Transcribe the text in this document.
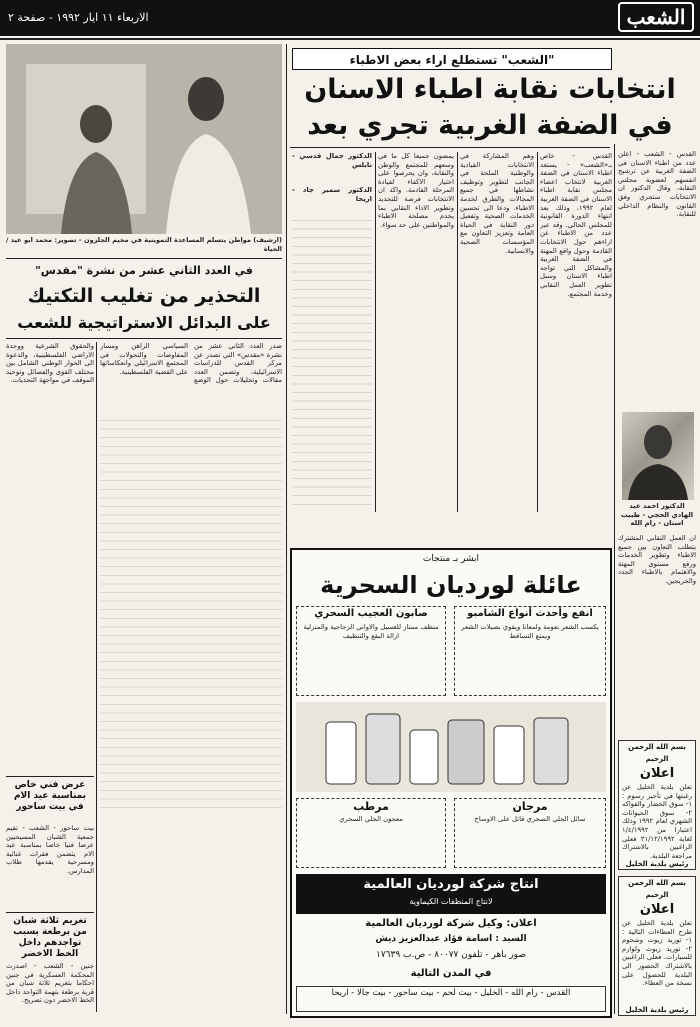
الشعب
الاربعاء ١١ ايار ١٩٩٢ - صفحة ٢
"الشعب" تستطلع اراء بعض الاطباء
انتخابات نقابة اطباء الاسنان
في الضفة الغربية تجري بعد
القدس - الشعب - اعلن عدد من اطباء الاسنان في الضفة الغربية عن ترشيح انفسهم لعضوية مجلس النقابة، وقال الدكتور ان الانتخابات ستجري وفق القانون والنظام الداخلي للنقابة.
الدكتور احمد عبد الهادي الحجي - طبيب اسنان - رام الله
ان العمل النقابي المشترك يتطلب التعاون بين جميع الاطباء وتطوير الخدمات ورفع مستوى المهنة والاهتمام بالاطباء الجدد والخريجين.
القدس - خاص بـ«الشعب» - يستعد اطباء الاسنان في الضفة الغربية لانتخاب اعضاء مجلس نقابة اطباء الاسنان في الضفة الغربية لعام ١٩٩٢، وذلك بعد انتهاء الدورة القانونية للمجلس الحالي. وقد عبر عدد من الاطباء عن اراءهم حول الانتخابات القادمة وحول واقع المهنة في الضفة الغربية والمشاكل التي تواجه اطباء الاسنان وسبل تطوير العمل النقابي وخدمة المجتمع.
وهم المشاركة في الانتخابات القيادية والوطنية الملحة في الجانب لتطوير وتوظيف نشاطها في جميع المجالات والطرق لخدمة الاطباء. ودعا الى تحسين الخدمات الصحية وتفعيل دور النقابة في الحياة العامة وتعزيز التعاون مع المؤسسات الصحية والانسانية.
يمضون جميعا كل ما في وسعهم للمجتمع والوطن والنقابة، وان يحرصوا على اختيار الاكفاء لقيادة المرحلة القادمة. واكد ان الانتخابات فرصة للتجديد وتطوير الاداء النقابي بما يخدم مصلحة الاطباء والمواطنين على حد سواء.
الدكتور جمال قدسي - نابلس
الدكتور سمير جاد - اريحا
(ارشيف) مواطن يتسلم المساعدة التموينية في مخيم الجلزون - تصوير: محمد ابو عيد / الحياة
في العدد الثاني عشر من نشرة "مقدس"
التحذير من تغليب التكتيك
على البدائل الاستراتيجية للشعب
صدر العدد الثاني عشر من نشرة «مقدس» التي تصدر عن مركز القدس للدراسات الاسرائيلية، وتضمن العدد مقالات وتحليلات حول الوضع السياسي الراهن ومسار المفاوضات والتحولات في المجتمع الاسرائيلي وانعكاساتها على القضية الفلسطينية.
والحقوق الشرعية ووحدة الاراضي الفلسطينية، والدعوة الى الحوار الوطني الشامل بين مختلف القوى والفصائل وتوحيد الموقف في مواجهة التحديات.
عرض فني خاص بمناسبة عيد الام في بيت ساحور
بيت ساحور - الشعب - تقيم جمعية الشبان المسيحيين عرضا فنيا خاصا بمناسبة عيد الام يتضمن فقرات غنائية ومسرحية يقدمها طلاب المدارس.
تغريم ثلاثة شبان من برطعة بسبب تواجدهم داخل الخط الاخضر
جنين - الشعب - اصدرت المحكمة العسكرية في جنين احكاما بتغريم ثلاثة شبان من قرية برطعة بتهمة التواجد داخل الخط الاخضر دون تصريح.
ابشر بـ منتجات
عائلة لورديان السحرية
صابون العجيب السحري
منظف ممتاز للغسيل والاواني الزجاجية والمنزلية ازالة البقع والتنظيف
انفع وأحدث أنواع الشامبو
يكسب الشعر نعومة ولمعانا ويقوي بصيلات الشعر ويمنع التساقط
مرطب
معجون الجلي السحري
مرجان
سائل الجلي السحري قاتل على الاوساخ
انتاج شركة لورديان العالمية
لانتاج المنظفات الكيماوية
اعلان: وكيل شركة لورديان العالمية
السيد : اسامة فؤاد عبدالعزيز ديش
صور باهر - تلفون ٨٠٠٧٧ - ص.ب ١٧٦٣٩
في المدن التالية
القدس - رام الله - الخليل - بيت لحم - بيت ساحور - بيت جالا - اريحا
بسم الله الرحمن الرحيم
اعلان
تعلن بلدية الخليل عن رغبتها في تأجير رسوم : ١- سوق الخضار والفواكه ٢- سوق الحيوانات الشهري لعام ١٩٩٢ وذلك اعتبارا من ١/٤/١٩٩٢ لغاية ٣١/١٢/١٩٩٢ فعلى الراغبين بالاشتراك مراجعة البلدية.
رئيس بلدية الخليل
بسم الله الرحمن الرحيم
اعلان
تعلن بلدية الخليل عن طرح العطاءات التالية : ١- توريد زيوت وشحوم ٢- توريد زيوت ولوازم للسيارات. فعلى الراغبين بالاشتراك الحضور الى البلدية للحصول على نسخة من العطاء.
رئيس بلدية الخليل
